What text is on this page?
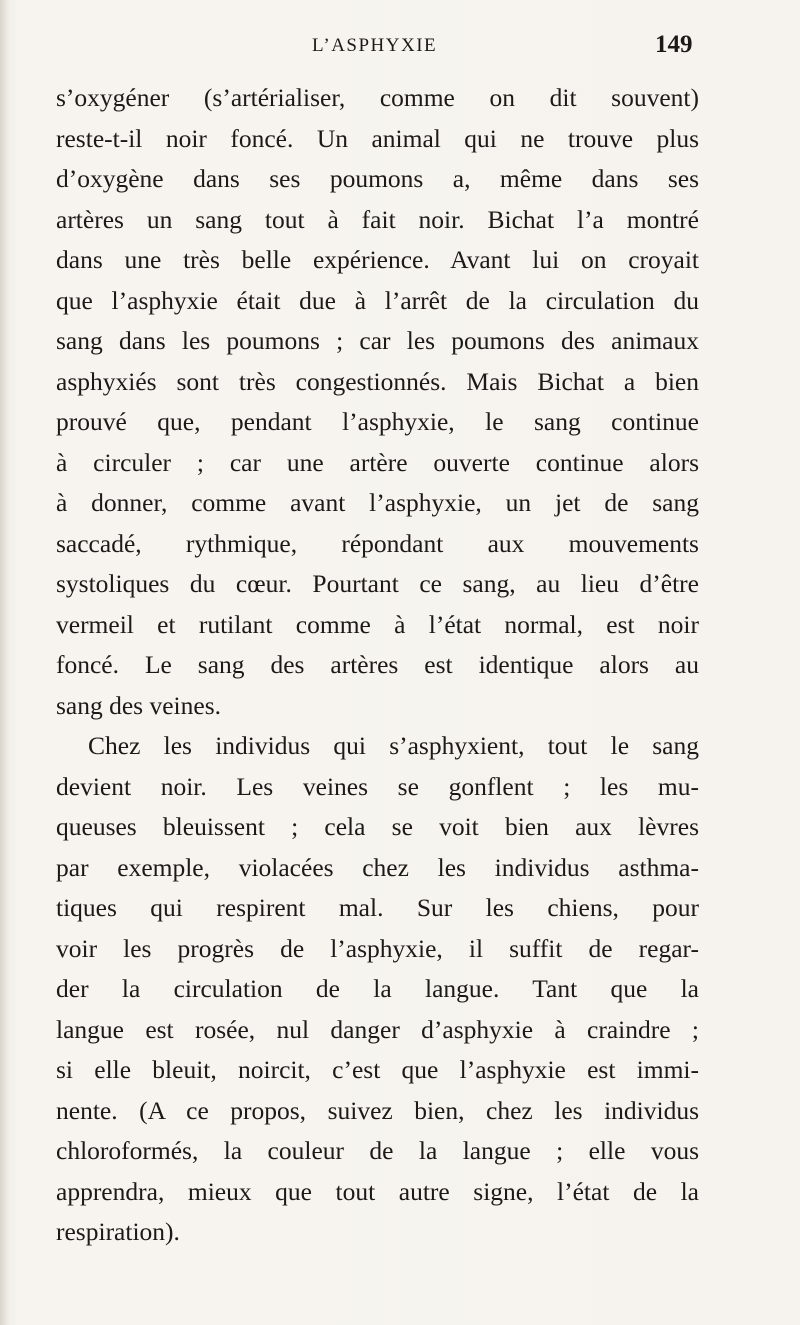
L’ASPHYXIE	149
s’oxygéner (s’artérialiser, comme on dit souvent)
reste-t-il noir foncé. Un animal qui ne trouve plus
d’oxygène dans ses poumons a, même dans ses
artères un sang tout à fait noir. Bichat l’a montré
dans une très belle expérience. Avant lui on croyait
que l’asphyxie était due à l’arrêt de la circulation du
sang dans les poumons ; car les poumons des animaux
asphyxiés sont très congestionnés. Mais Bichat a bien
prouvé que, pendant l’asphyxie, le sang continue
à circuler ; car une artère ouverte continue alors
à donner, comme avant l’asphyxie, un jet de sang
saccadé, rythmique, répondant aux mouvements
systoliques du cœur. Pourtant ce sang, au lieu d’être
vermeil et rutilant comme à l’état normal, est noir
foncé. Le sang des artères est identique alors au
sang des veines.
Chez les individus qui s’asphyxient, tout le sang
devient noir. Les veines se gonflent ; les mu-
queuses bleuissent ; cela se voit bien aux lèvres
par exemple, violacées chez les individus asthma-
tiques qui respirent mal. Sur les chiens, pour
voir les progrès de l’asphyxie, il suffit de regar-
der la circulation de la langue. Tant que la
langue est rosée, nul danger d’asphyxie à craindre ;
si elle bleuit, noircit, c’est que l’asphyxie est immi-
nente. (A ce propos, suivez bien, chez les individus
chloroformés, la couleur de la langue ; elle vous
apprendra, mieux que tout autre signe, l’état de la
respiration).
